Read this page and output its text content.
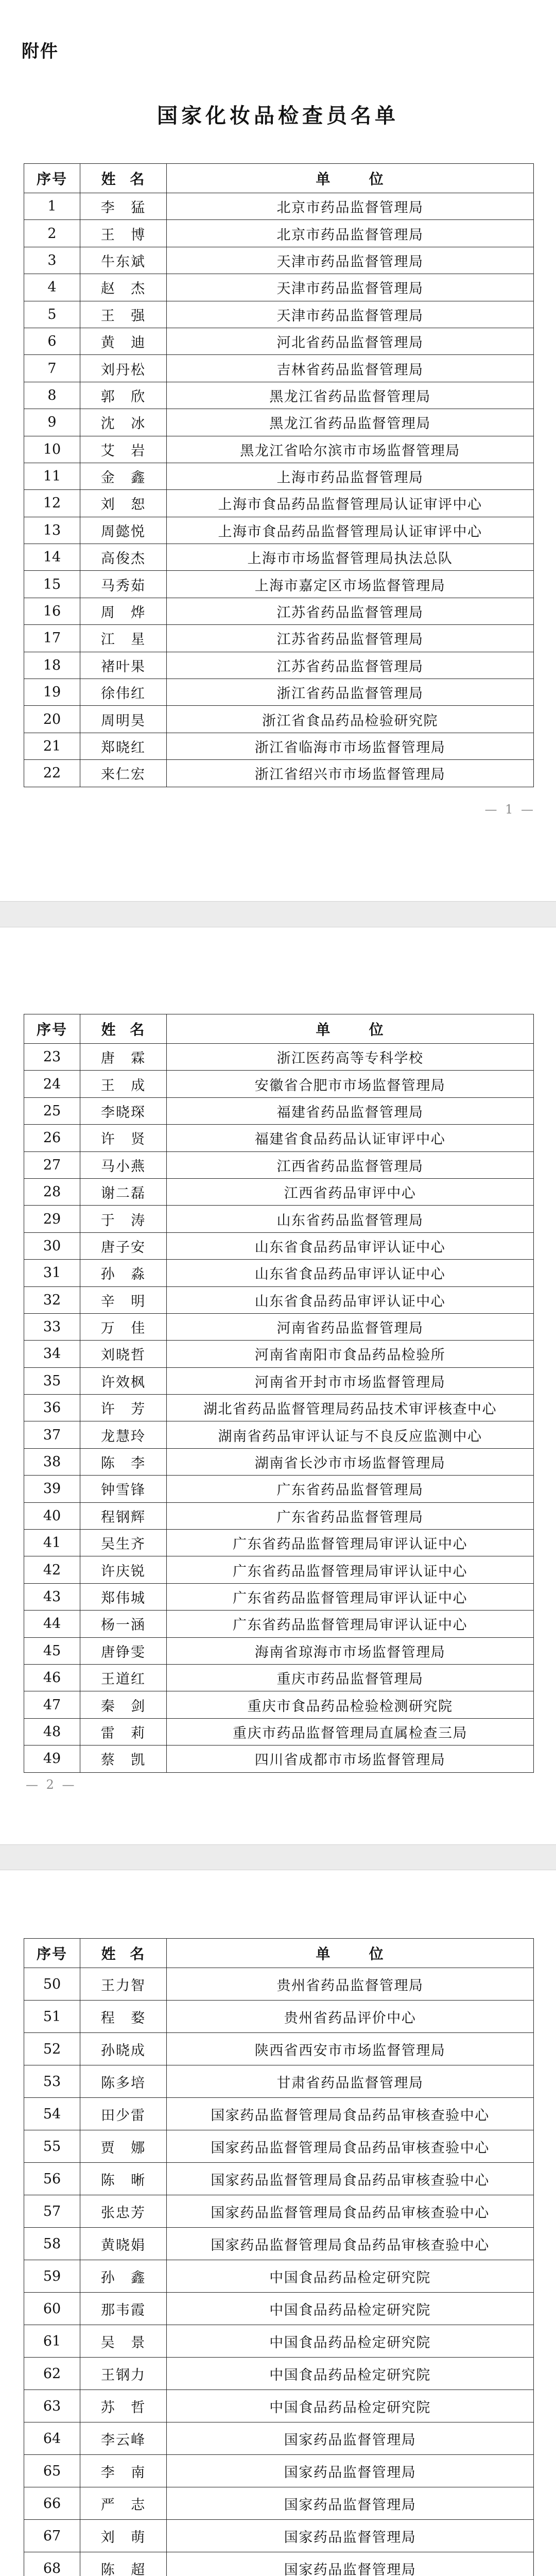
附件
国家化妆品检查员名单
序号	姓 名	单 位
1	李 猛	北京市药品监督管理局
2	王 博	北京市药品监督管理局
3	牛东斌	天津市药品监督管理局
4	赵 杰	天津市药品监督管理局
5	王 强	天津市药品监督管理局
6	黄 迪	河北省药品监督管理局
7	刘丹松	吉林省药品监督管理局
8	郭 欣	黑龙江省药品监督管理局
9	沈 冰	黑龙江省药品监督管理局
10	艾 岩	黑龙江省哈尔滨市市场监督管理局
11	金 鑫	上海市药品监督管理局
12	刘 恕	上海市食品药品监督管理局认证审评中心
13	周懿悦	上海市食品药品监督管理局认证审评中心
14	高俊杰	上海市市场监督管理局执法总队
15	马秀茹	上海市嘉定区市场监督管理局
16	周 烨	江苏省药品监督管理局
17	江 星	江苏省药品监督管理局
18	褚叶果	江苏省药品监督管理局
19	徐伟红	浙江省药品监督管理局
20	周明昊	浙江省食品药品检验研究院
21	郑晓红	浙江省临海市市场监督管理局
22	来仁宏	浙江省绍兴市市场监督管理局
— 1 —
序号	姓 名	单 位
23	唐 霖	浙江医药高等专科学校
24	王 成	安徽省合肥市市场监督管理局
25	李晓琛	福建省药品监督管理局
26	许 贤	福建省食品药品认证审评中心
27	马小燕	江西省药品监督管理局
28	谢二磊	江西省药品审评中心
29	于 涛	山东省药品监督管理局
30	唐子安	山东省食品药品审评认证中心
31	孙 淼	山东省食品药品审评认证中心
32	辛 明	山东省食品药品审评认证中心
33	万 佳	河南省药品监督管理局
34	刘晓哲	河南省南阳市食品药品检验所
35	许效枫	河南省开封市市场监督管理局
36	许 芳	湖北省药品监督管理局药品技术审评核查中心
37	龙慧玲	湖南省药品审评认证与不良反应监测中心
38	陈 李	湖南省长沙市市场监督管理局
39	钟雪锋	广东省药品监督管理局
40	程钢辉	广东省药品监督管理局
41	吴生齐	广东省药品监督管理局审评认证中心
42	许庆锐	广东省药品监督管理局审评认证中心
43	郑伟城	广东省药品监督管理局审评认证中心
44	杨一涵	广东省药品监督管理局审评认证中心
45	唐铮雯	海南省琼海市市场监督管理局
46	王道红	重庆市药品监督管理局
47	秦 剑	重庆市食品药品检验检测研究院
48	雷 莉	重庆市药品监督管理局直属检查三局
49	蔡 凯	四川省成都市市场监督管理局
— 2 —
序号	姓 名	单 位
50	王力智	贵州省药品监督管理局
51	程 婺	贵州省药品评价中心
52	孙晓成	陕西省西安市市场监督管理局
53	陈多培	甘肃省药品监督管理局
54	田少雷	国家药品监督管理局食品药品审核查验中心
55	贾 娜	国家药品监督管理局食品药品审核查验中心
56	陈 晰	国家药品监督管理局食品药品审核查验中心
57	张忠芳	国家药品监督管理局食品药品审核查验中心
58	黄晓娟	国家药品监督管理局食品药品审核查验中心
59	孙 鑫	中国食品药品检定研究院
60	那韦霞	中国食品药品检定研究院
61	吴 景	中国食品药品检定研究院
62	王钢力	中国食品药品检定研究院
63	苏 哲	中国食品药品检定研究院
64	李云峰	国家药品监督管理局
65	李 南	国家药品监督管理局
66	严 志	国家药品监督管理局
67	刘 萌	国家药品监督管理局
68	陈 超	国家药品监督管理局
